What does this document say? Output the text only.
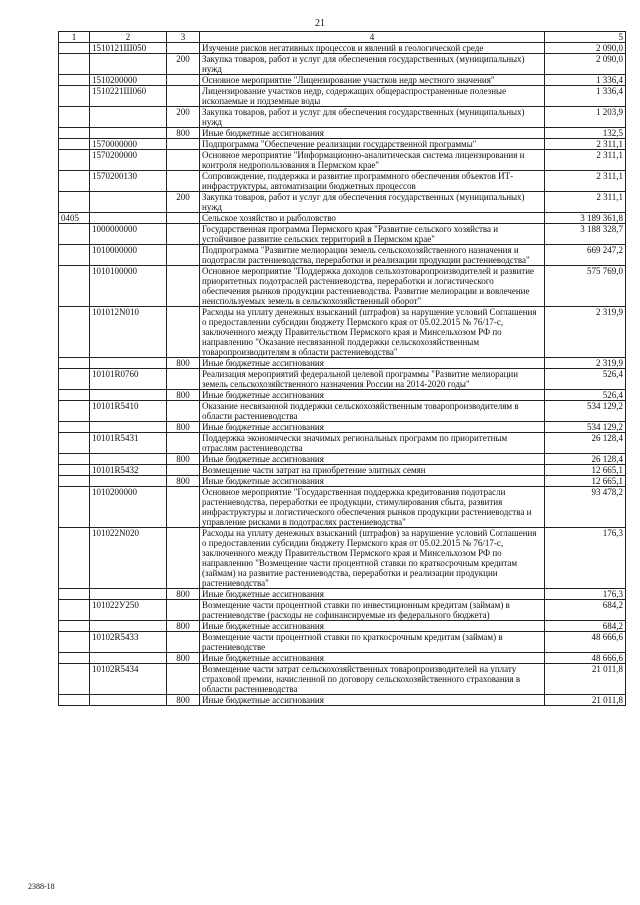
21
1	2	3	4	5
	1510121Ш050		Изучение рисков негативных процессов и явлений в геологической среде	2 090,0
		200	Закупка товаров, работ и услуг для обеспечения государственных (муниципальных) нужд	2 090,0
	1510200000		Основное мероприятие "Лицензирование участков недр местного значения"	1 336,4
	1510221Ш060		Лицензирование участков недр, содержащих общераспространенные полезные ископаемые и подземные воды	1 336,4
		200	Закупка товаров, работ и услуг для обеспечения государственных (муниципальных) нужд	1 203,9
		800	Иные бюджетные ассигнования	132,5
	1570000000		Подпрограмма "Обеспечение реализации государственной программы"	2 311,1
	1570200000		Основное мероприятие "Информационно-аналитическая система лицензирования и контроля недропользования в Пермском крае"	2 311,1
	1570200130		Сопровождение, поддержка и развитие программного обеспечения объектов ИТ-инфраструктуры, автоматизации бюджетных процессов	2 311,1
		200	Закупка товаров, работ и услуг для обеспечения государственных (муниципальных) нужд	2 311,1
0405			Сельское хозяйство и рыболовство	3 189 361,8
	1000000000		Государственная программа Пермского края "Развитие сельского хозяйства и устойчивое развитие сельских территорий в Пермском крае"	3 188 328,7
	1010000000		Подпрограмма "Развитие мелиорации земель сельскохозяйственного назначения и подотрасли растениеводства, переработки и реализации продукции растениеводства"	669 247,2
	1010100000		Основное мероприятие "Поддержка доходов сельхозтоваропроизводителей и развитие приоритетных подотраслей растениеводства, переработки и логистического обеспечения рынков продукции растениеводства. Развитие мелиорации и вовлечение неиспользуемых земель в сельскохозяйственный оборот"	575 769,0
	101012N010		Расходы на уплату денежных взысканий (штрафов) за нарушение условий Соглашения о предоставлении субсидии бюджету Пермского края от 05.02.2015 № 76/17-с, заключенного между Правительством Пермского края и Минсельхозом РФ по направлению "Оказание несвязанной поддержки сельскохозяйственным товаропроизводителям в области растениеводства"	2 319,9
		800	Иные бюджетные ассигнования	2 319,9
	10101R0760		Реализация мероприятий федеральной целевой программы "Развитие мелиорации земель сельскохозяйственного назначения России на 2014-2020 годы"	526,4
		800	Иные бюджетные ассигнования	526,4
	10101R5410		Оказание несвязанной поддержки сельскохозяйственным товаропроизводителям в области растениеводства	534 129,2
		800	Иные бюджетные ассигнования	534 129,2
	10101R5431		Поддержка экономически значимых региональных программ по приоритетным отраслям растениеводства	26 128,4
		800	Иные бюджетные ассигнования	26 128,4
	10101R5432		Возмещение части затрат на приобретение элитных семян	12 665,1
		800	Иные бюджетные ассигнования	12 665,1
	1010200000		Основное мероприятие "Государственная поддержка кредитования подотрасли растениеводства, переработки ее продукции, стимулирования сбыта, развития инфраструктуры и логистического обеспечения рынков продукции растениеводства и управление рисками в подотраслях растениеводства"	93 478,2
	101022N020		Расходы на уплату денежных взысканий (штрафов) за нарушение условий Соглашения о предоставлении субсидии бюджету Пермского края от 05.02.2015 № 76/17-с, заключенного между Правительством Пермского края и Минсельхозом РФ по направлению "Возмещение части процентной ставки по краткосрочным кредитам (займам) на развитие растениеводства, переработки и реализации продукции растениеводства"	176,3
		800	Иные бюджетные ассигнования	176,3
	101022У250		Возмещение части процентной ставки по инвестиционным кредитам (займам) в растениеводстве (расходы не софинансируемые из федерального бюджета)	684,2
		800	Иные бюджетные ассигнования	684,2
	10102R5433		Возмещение части процентной ставки по краткосрочным кредитам (займам) в растениеводстве	48 666,6
		800	Иные бюджетные ассигнования	48 666,6
	10102R5434		Возмещение части затрат сельскохозяйственных товаропроизводителей на уплату страховой премии, начисленной по договору сельскохозяйственного страхования в области растениеводства	21 011,8
		800	Иные бюджетные ассигнования	21 011,8
2388-18
